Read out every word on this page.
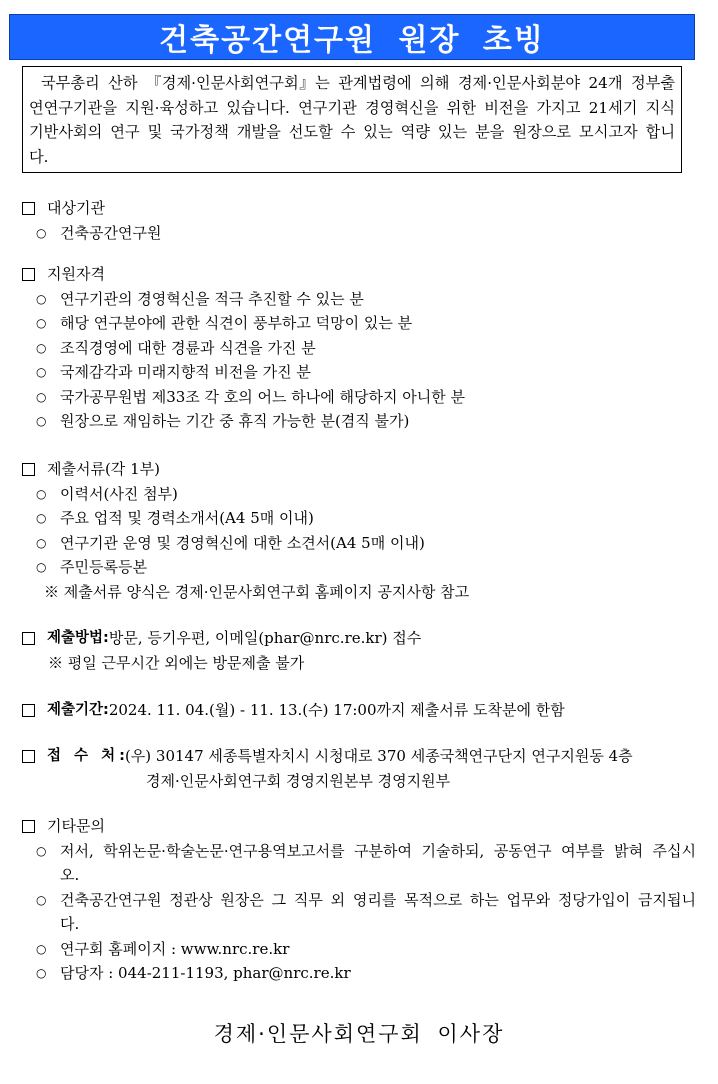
건축공간연구원 원장 초빙
국무총리 산하 『경제·인문사회연구회』는 관계법령에 의해 경제·인문사회분야 24개 정부출연연구기관을 지원·육성하고 있습니다. 연구기관 경영혁신을 위한 비전을 가지고 21세기 지식기반사회의 연구 및 국가정책 개발을 선도할 수 있는 역량 있는 분을 원장으로 모시고자 합니다.
대상기관
○ 건축공간연구원
지원자격
○ 연구기관의 경영혁신을 적극 추진할 수 있는 분
○ 해당 연구분야에 관한 식견이 풍부하고 덕망이 있는 분
○ 조직경영에 대한 경륜과 식견을 가진 분
○ 국제감각과 미래지향적 비전을 가진 분
○ 국가공무원법 제33조 각 호의 어느 하나에 해당하지 아니한 분
○ 원장으로 재임하는 기간 중 휴직 가능한 분(겸직 불가)
제출서류(각 1부)
○ 이력서(사진 첨부)
○ 주요 업적 및 경력소개서(A4 5매 이내)
○ 연구기관 운영 및 경영혁신에 대한 소견서(A4 5매 이내)
○ 주민등록등본
※ 제출서류 양식은 경제·인문사회연구회 홈페이지 공지사항 참고
제출방법 : 방문, 등기우편, 이메일(phar@nrc.re.kr) 접수
※ 평일 근무시간 외에는 방문제출 불가
제출기간 : 2024. 11. 04.(월) - 11. 13.(수) 17:00까지 제출서류 도착분에 한함
접 수 처 : (우) 30147 세종특별자치시 시청대로 370 세종국책연구단지 연구지원동 4층
경제·인문사회연구회 경영지원본부 경영지원부
기타문의
○ 저서, 학위논문·학술논문·연구용역보고서를 구분하여 기술하되, 공동연구 여부를 밝혀 주십시오.
○ 건축공간연구원 정관상 원장은 그 직무 외 영리를 목적으로 하는 업무와 정당가입이 금지됩니다.
○ 연구회 홈페이지 : www.nrc.re.kr
○ 담당자 : 044-211-1193, phar@nrc.re.kr
경제·인문사회연구회 이사장
